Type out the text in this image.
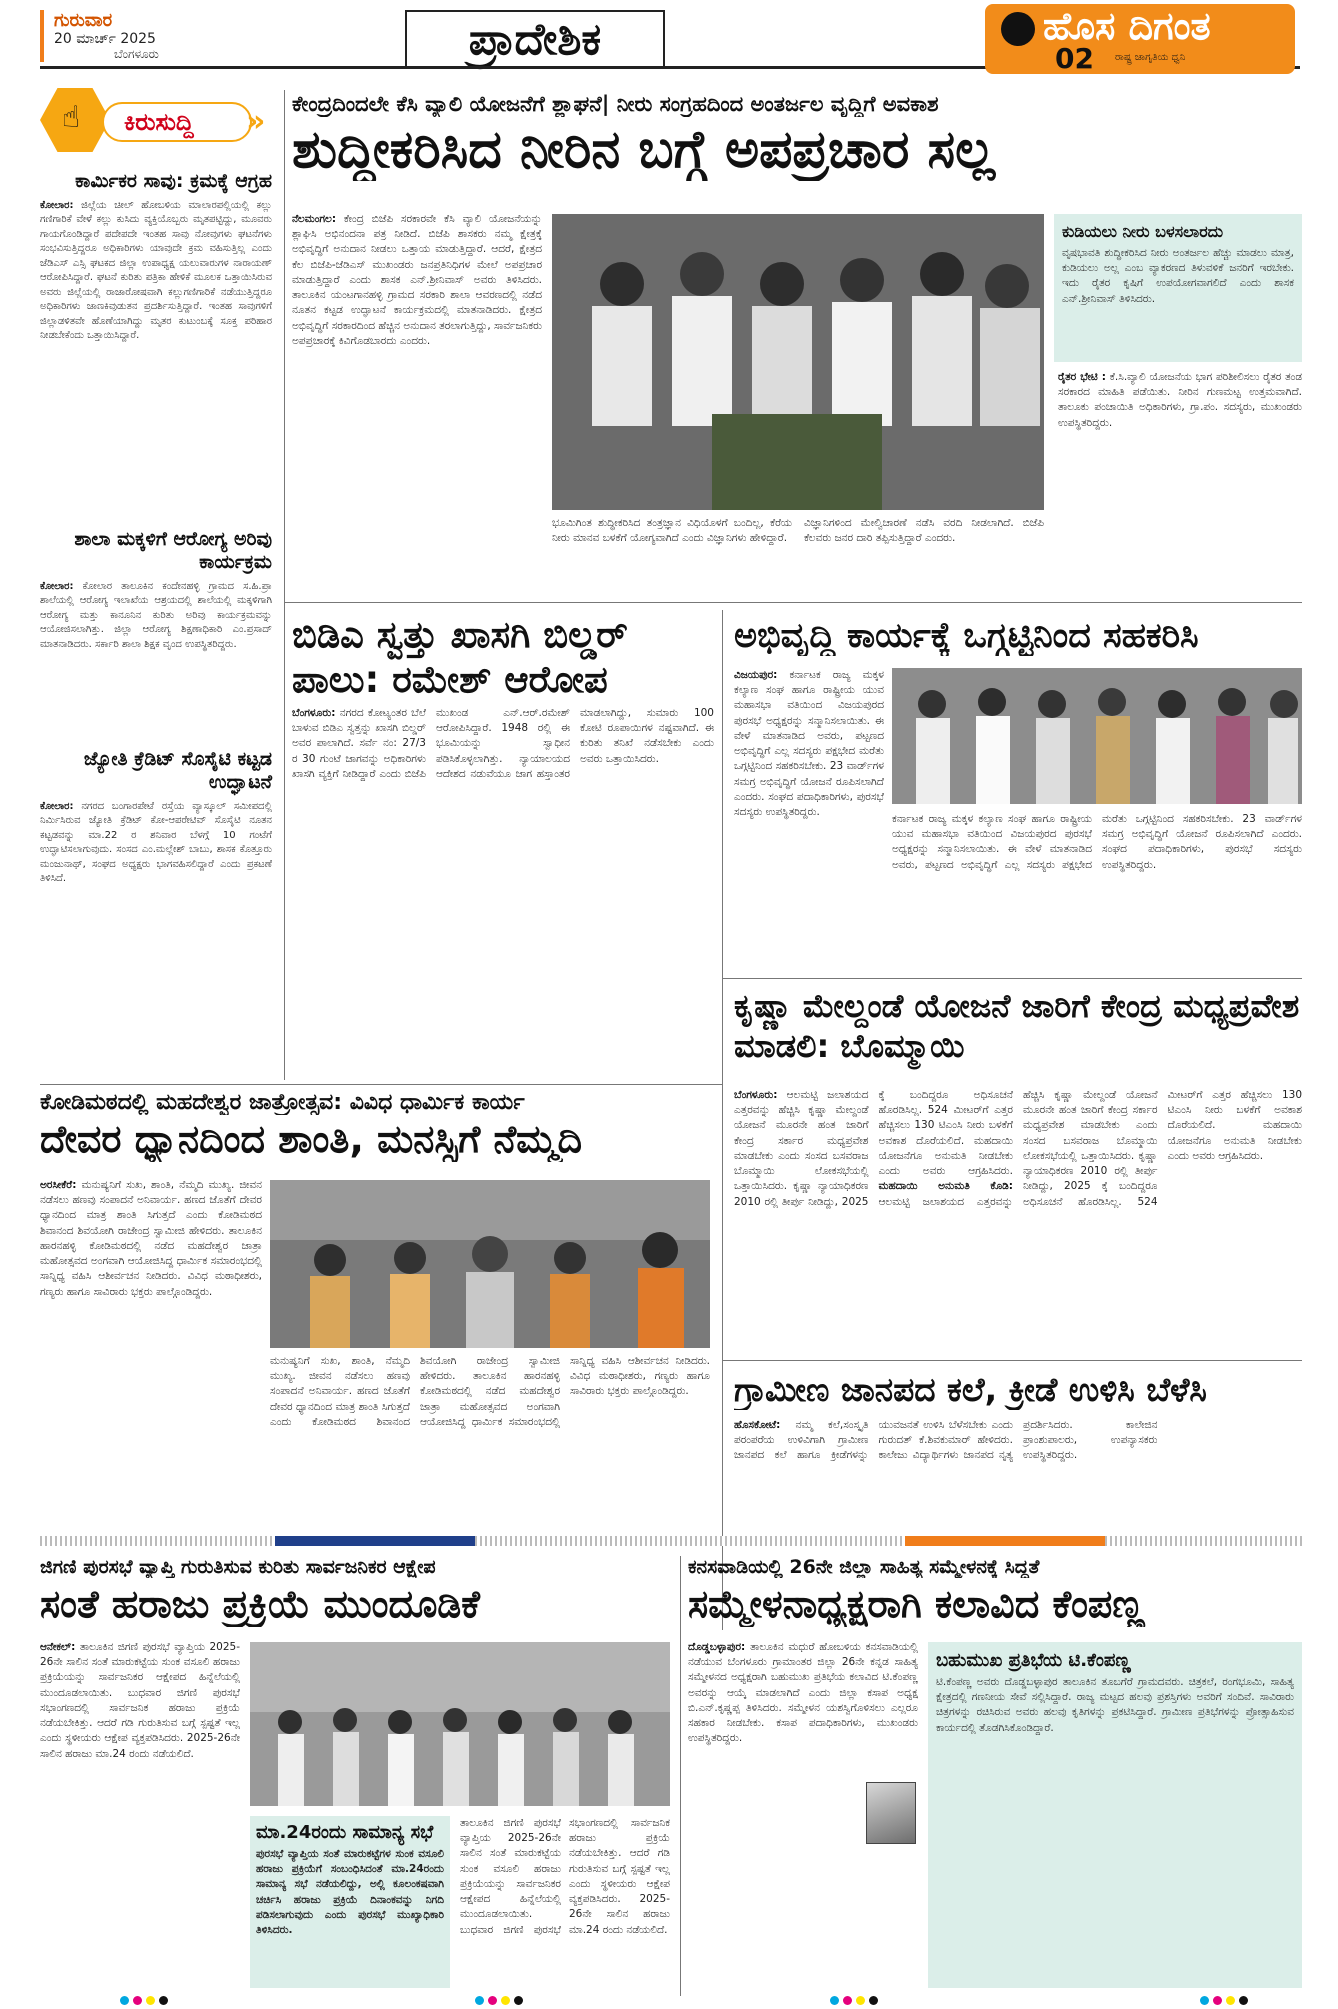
ಗುರುವಾರ
20 ಮಾರ್ಚ್ 2025
ಬೆಂಗಳೂರು	ಪ್ರಾದೇಶಿಕ	ಹೊಸ ದಿಗಂತ
ರಾಷ್ಟ್ರ ಜಾಗೃತಿಯ ಧ್ವನಿ
02
☝ ಕಿರುಸುದ್ದಿ »
ಕಾರ್ಮಿಕರ ಸಾವು: ಕ್ರಮಕ್ಕೆ ಆಗ್ರಹ
ಕೋಲಾರ: ಜಿಲ್ಲೆಯ ಚೀಲ್ ಹೋಬಳಿಯ ಮಾಲಾರಪಲ್ಲಿಯಲ್ಲಿ ಕಲ್ಲು ಗಣಿಗಾರಿಕೆ ವೇಳೆ ಕಲ್ಲು ಕುಸಿದು ವ್ಯಕ್ತಿಯೊಬ್ಬರು ಮೃತಪಟ್ಟಿದ್ದು, ಮೂವರು ಗಾಯಗೊಂಡಿದ್ದಾರೆ ಪದೇಪದೇ ಇಂತಹ ಸಾವು ನೋವುಗಳು ಘಟನೆಗಳು ಸಂಭವಿಸುತ್ತಿದ್ದರೂ ಅಧಿಕಾರಿಗಳು ಯಾವುದೇ ಕ್ರಮ ವಹಿಸುತ್ತಿಲ್ಲ ಎಂದು ಜೆಡಿಎಸ್ ಎಸ್ಸಿ ಘಟಕದ ಜಿಲ್ಲಾ ಉಪಾಧ್ಯಕ್ಷ ಯಲುವಾರುಗಳ ನಾರಾಯಣ್ ಆರೋಪಿಸಿದ್ದಾರೆ. ಘಟನೆ ಕುರಿತು ಪತ್ರಿಕಾ ಹೇಳಿಕೆ ಮೂಲಕ ಒತ್ತಾಯಿಸಿರುವ ಅವರು ಜಿಲ್ಲೆಯಲ್ಲಿ ರಾಜಾರೋಷವಾಗಿ ಕಲ್ಲುಗಣಿಗಾರಿಕೆ ನಡೆಯುತ್ತಿದ್ದರೂ ಅಧಿಕಾರಿಗಳು ಜಾಣಕಿವುಡುತನ ಪ್ರದರ್ಶಿಸುತ್ತಿದ್ದಾರೆ. ಇಂತಹ ಸಾವುಗಳಿಗೆ ಜಿಲ್ಲಾಡಳಿತವೇ ಹೊಣೆಯಾಗಿದ್ದು ಮೃತರ ಕುಟುಂಬಕ್ಕೆ ಸೂಕ್ತ ಪರಿಹಾರ ನೀಡಬೇಕೆಂದು ಒತ್ತಾಯಿಸಿದ್ದಾರೆ.
ಶಾಲಾ ಮಕ್ಕಳಿಗೆ ಆರೋಗ್ಯ ಅರಿವು ಕಾರ್ಯಕ್ರಮ
ಕೋಲಾರ: ಕೋಲಾರ ತಾಲೂಕಿನ ಕಂದೇನಹಳ್ಳಿ ಗ್ರಾಮದ ಸ.ಹಿ.ಪ್ರಾ ಶಾಲೆಯಲ್ಲಿ ಆರೋಗ್ಯ ಇಲಾಖೆಯ ಆಶ್ರಯದಲ್ಲಿ ಶಾಲೆಯಲ್ಲಿ ಮಕ್ಕಳಿಗಾಗಿ ಆರೋಗ್ಯ ಮತ್ತು ಕಾನೂನಿನ ಕುರಿತು ಅರಿವು ಕಾರ್ಯಕ್ರಮವನ್ನು ಆಯೋಜಿಸಲಾಗಿತ್ತು. ಜಿಲ್ಲಾ ಆರೋಗ್ಯ ಶಿಕ್ಷಣಾಧಿಕಾರಿ ಎಂ.ಪ್ರಸಾದ್ ಮಾತನಾಡಿದರು. ಸರ್ಕಾರಿ ಶಾಲಾ ಶಿಕ್ಷಕ ವೃಂದ ಉಪಸ್ಥಿತರಿದ್ದರು.
ಜ್ಯೋತಿ ಕ್ರೆಡಿಟ್ ಸೊಸೈಟಿ ಕಟ್ಟಡ ಉದ್ಘಾಟನೆ
ಕೋಲಾರ: ನಗರದ ಬಂಗಾರಪೇಟೆ ರಸ್ತೆಯ ವ್ಯಾಸ್ಕೂಲ್‌ ಸಮೀಪದಲ್ಲಿ ನಿರ್ಮಿಸಿರುವ ಜ್ಯೋತಿ ಕ್ರೆಡಿಟ್ ಕೋ-ಆಪರೇಟಿವ್ ಸೊಸೈಟಿ ನೂತನ ಕಟ್ಟಡವನ್ನು ಮಾ.22 ರ ಶನಿವಾರ ಬೆಳಗ್ಗೆ 10 ಗಂಟೆಗೆ ಉದ್ಘಾಟಿಸಲಾಗುವುದು. ಸಂಸದ ಎಂ.ಮಲ್ಲೇಶ್ ಬಾಬು, ಶಾಸಕ ಕೊತ್ತೂರು ಮಂಜುನಾಥ್, ಸಂಘದ ಅಧ್ಯಕ್ಷರು ಭಾಗವಹಿಸಲಿದ್ದಾರೆ ಎಂದು ಪ್ರಕಟಣೆ ತಿಳಿಸಿದೆ.
ಕೇಂದ್ರದಿಂದಲೇ ಕೆಸಿ ವ್ಯಾಲಿ ಯೋಜನೆಗೆ ಶ್ಲಾಘನೆ| ನೀರು ಸಂಗ್ರಹದಿಂದ ಅಂತರ್ಜಲ ವೃದ್ಧಿಗೆ ಅವಕಾಶ
ಶುದ್ಧೀಕರಿಸಿದ ನೀರಿನ ಬಗ್ಗೆ ಅಪಪ್ರಚಾರ ಸಲ್ಲ
ನೆಲಮಂಗಲ: ಕೇಂದ್ರ ಬಿಜೆಪಿ ಸರಕಾರವೇ ಕೆಸಿ ವ್ಯಾಲಿ ಯೋಜನೆಯನ್ನು ಶ್ಲಾಘಿಸಿ ಅಭಿನಂದನಾ ಪತ್ರ ನೀಡಿದೆ. ಬಿಜೆಪಿ ಶಾಸಕರು ನಮ್ಮ ಕ್ಷೇತ್ರಕ್ಕೆ ಅಭಿವೃದ್ಧಿಗೆ ಅನುದಾನ ನೀಡಲು ಒತ್ತಾಯ ಮಾಡುತ್ತಿದ್ದಾರೆ. ಆದರೆ, ಕ್ಷೇತ್ರದ ಕೆಲ ಬಿಜೆಪಿ-ಜೆಡಿಎಸ್ ಮುಖಂಡರು ಜನಪ್ರತಿನಿಧಿಗಳ ಮೇಲೆ ಅಪಪ್ರಚಾರ ಮಾಡುತ್ತಿದ್ದಾರೆ ಎಂದು ಶಾಸಕ ಎನ್.ಶ್ರೀನಿವಾಸ್ ಅವರು ತಿಳಿಸಿದರು. ತಾಲೂಕಿನ ಯಂಟಗಾನಹಳ್ಳಿ ಗ್ರಾಮದ ಸರಕಾರಿ ಶಾಲಾ ಆವರಣದಲ್ಲಿ ನಡೆದ ನೂತನ ಕಟ್ಟಡ ಉದ್ಘಾಟನೆ ಕಾರ್ಯಕ್ರಮದಲ್ಲಿ ಮಾತನಾಡಿದರು. ಕ್ಷೇತ್ರದ ಅಭಿವೃದ್ಧಿಗೆ ಸರಕಾರದಿಂದ ಹೆಚ್ಚಿನ ಅನುದಾನ ತರಲಾಗುತ್ತಿದ್ದು, ಸಾರ್ವಜನಿಕರು ಅಪಪ್ರಚಾರಕ್ಕೆ ಕಿವಿಗೊಡಬಾರದು ಎಂದರು.
ಭೂಮಿಗಿಂತ ಶುದ್ಧೀಕರಿಸಿದ ತಂತ್ರಜ್ಞಾನ ವಿಧಿಯೊಳಗೆ ಬಂದಿಲ್ಲ, ಕೆರೆಯ ನೀರು ಮಾನವ ಬಳಕೆಗೆ ಯೋಗ್ಯವಾಗಿದೆ ಎಂದು ವಿಜ್ಞಾನಿಗಳು ಹೇಳಿದ್ದಾರೆ.
ವಿಜ್ಞಾನಿಗಳಿಂದ ಮೇಲ್ವಿಚಾರಣೆ ನಡೆಸಿ ವರದಿ ನೀಡಲಾಗಿದೆ. ಬಿಜೆಪಿ ಕೆಲವರು ಜನರ ದಾರಿ ತಪ್ಪಿಸುತ್ತಿದ್ದಾರೆ ಎಂದರು.
ಕುಡಿಯಲು ನೀರು ಬಳಸಲಾರದು
ವೃಷಭಾವತಿ ಶುದ್ಧೀಕರಿಸಿದ ನೀರು ಅಂತರ್ಜಲ ಹೆಚ್ಚು ಮಾಡಲು ಮಾತ್ರ, ಕುಡಿಯಲು ಅಲ್ಲ ಎಂಬ ವ್ಯಾಕರಣದ ತಿಳುವಳಿಕೆ ಜನರಿಗೆ ಇರಬೇಕು. ಇದು ರೈತರ ಕೃಷಿಗೆ ಉಪಯೋಗವಾಗಲಿದೆ ಎಂದು ಶಾಸಕ ಎನ್.ಶ್ರೀನಿವಾಸ್ ತಿಳಿಸಿದರು.
ರೈತರ ಭೇಟಿ : ಕೆ.ಸಿ.ವ್ಯಾಲಿ ಯೋಜನೆಯ ಭಾಗ ಪರಿಶೀಲಿಸಲು ರೈತರ ತಂಡ ಸರಕಾರದ ಮಾಹಿತಿ ಪಡೆಯಿತು. ನೀರಿನ ಗುಣಮಟ್ಟ ಉತ್ತಮವಾಗಿದೆ. ತಾಲೂಕು ಪಂಚಾಯಿತಿ ಅಧಿಕಾರಿಗಳು, ಗ್ರಾ.ಪಂ. ಸದಸ್ಯರು, ಮುಖಂಡರು ಉಪಸ್ಥಿತರಿದ್ದರು.
ಬಿಡಿಎ ಸ್ವತ್ತು ಖಾಸಗಿ ಬಿಲ್ಡರ್ ಪಾಲು: ರಮೇಶ್ ಆರೋಪ
ಬೆಂಗಳೂರು: ನಗರದ ಕೋಟ್ಯಂತರ ಬೆಲೆ ಬಾಳುವ ಬಿಡಿಎ ಸ್ವತ್ತನ್ನು ಖಾಸಗಿ ಬಿಲ್ಡರ್ ಅವರ ಪಾಲಾಗಿದೆ. ಸರ್ವೆ ನಂ: 27/3 ರ 30 ಗುಂಟೆ ಜಾಗವನ್ನು ಅಧಿಕಾರಿಗಳು ಖಾಸಗಿ ವ್ಯಕ್ತಿಗೆ ನೀಡಿದ್ದಾರೆ ಎಂದು ಬಿಜೆಪಿ ಮುಖಂಡ ಎನ್.ಆರ್.ರಮೇಶ್ ಆರೋಪಿಸಿದ್ದಾರೆ. 1948 ರಲ್ಲಿ ಈ ಭೂಮಿಯನ್ನು ಸ್ವಾಧೀನ ಪಡಿಸಿಕೊಳ್ಳಲಾಗಿತ್ತು. ನ್ಯಾಯಾಲಯದ ಆದೇಶದ ನಡುವೆಯೂ ಜಾಗ ಹಸ್ತಾಂತರ ಮಾಡಲಾಗಿದ್ದು, ಸುಮಾರು 100 ಕೋಟಿ ರೂಪಾಯಿಗಳ ನಷ್ಟವಾಗಿದೆ. ಈ ಕುರಿತು ತನಿಖೆ ನಡೆಸಬೇಕು ಎಂದು ಅವರು ಒತ್ತಾಯಿಸಿದರು.
ಅಭಿವೃದ್ಧಿ ಕಾರ್ಯಕ್ಕೆ ಒಗ್ಗಟ್ಟಿನಿಂದ ಸಹಕರಿಸಿ
ವಿಜಯಪುರ: ಕರ್ನಾಟಕ ರಾಜ್ಯ ಮಕ್ಕಳ ಕಲ್ಯಾಣ ಸಂಘ ಹಾಗೂ ರಾಷ್ಟ್ರೀಯ ಯುವ ಮಹಾಸಭಾ ವತಿಯಿಂದ ವಿಜಯಪುರದ ಪುರಸಭೆ ಅಧ್ಯಕ್ಷರನ್ನು ಸನ್ಮಾನಿಸಲಾಯಿತು. ಈ ವೇಳೆ ಮಾತನಾಡಿದ ಅವರು, ಪಟ್ಟಣದ ಅಭಿವೃದ್ಧಿಗೆ ಎಲ್ಲ ಸದಸ್ಯರು ಪಕ್ಷಭೇದ ಮರೆತು ಒಗ್ಗಟ್ಟಿನಿಂದ ಸಹಕರಿಸಬೇಕು. 23 ವಾರ್ಡ್‌ಗಳ ಸಮಗ್ರ ಅಭಿವೃದ್ಧಿಗೆ ಯೋಜನೆ ರೂಪಿಸಲಾಗಿದೆ ಎಂದರು. ಸಂಘದ ಪದಾಧಿಕಾರಿಗಳು, ಪುರಸಭೆ ಸದಸ್ಯರು ಉಪಸ್ಥಿತರಿದ್ದರು.
ಕರ್ನಾಟಕ ರಾಜ್ಯ ಮಕ್ಕಳ ಕಲ್ಯಾಣ ಸಂಘ ಹಾಗೂ ರಾಷ್ಟ್ರೀಯ ಯುವ ಮಹಾಸಭಾ ವತಿಯಿಂದ ವಿಜಯಪುರದ ಪುರಸಭೆ ಅಧ್ಯಕ್ಷರನ್ನು ಸನ್ಮಾನಿಸಲಾಯಿತು. ಈ ವೇಳೆ ಮಾತನಾಡಿದ ಅವರು, ಪಟ್ಟಣದ ಅಭಿವೃದ್ಧಿಗೆ ಎಲ್ಲ ಸದಸ್ಯರು ಪಕ್ಷಭೇದ ಮರೆತು ಒಗ್ಗಟ್ಟಿನಿಂದ ಸಹಕರಿಸಬೇಕು. 23 ವಾರ್ಡ್‌ಗಳ ಸಮಗ್ರ ಅಭಿವೃದ್ಧಿಗೆ ಯೋಜನೆ ರೂಪಿಸಲಾಗಿದೆ ಎಂದರು. ಸಂಘದ ಪದಾಧಿಕಾರಿಗಳು, ಪುರಸಭೆ ಸದಸ್ಯರು ಉಪಸ್ಥಿತರಿದ್ದರು.
ಕೃಷ್ಣಾ ಮೇಲ್ದಂಡೆ ಯೋಜನೆ ಜಾರಿಗೆ ಕೇಂದ್ರ ಮಧ್ಯಪ್ರವೇಶ ಮಾಡಲಿ: ಬೊಮ್ಮಾಯಿ
ಬೆಂಗಳೂರು: ಆಲಮಟ್ಟಿ ಜಲಾಶಯದ ಎತ್ತರವನ್ನು ಹೆಚ್ಚಿಸಿ ಕೃಷ್ಣಾ ಮೇಲ್ದಂಡೆ ಯೋಜನೆ ಮೂರನೇ ಹಂತ ಜಾರಿಗೆ ಕೇಂದ್ರ ಸರ್ಕಾರ ಮಧ್ಯಪ್ರವೇಶ ಮಾಡಬೇಕು ಎಂದು ಸಂಸದ ಬಸವರಾಜ ಬೊಮ್ಮಾಯಿ ಲೋಕಸಭೆಯಲ್ಲಿ ಒತ್ತಾಯಿಸಿದರು. ಕೃಷ್ಣಾ ನ್ಯಾಯಾಧಿಕರಣ 2010 ರಲ್ಲಿ ತೀರ್ಪು ನೀಡಿದ್ದು, 2025 ಕ್ಕೆ ಬಂದಿದ್ದರೂ ಅಧಿಸೂಚನೆ ಹೊರಡಿಸಿಲ್ಲ. 524 ಮೀಟರ್‌ಗೆ ಎತ್ತರ ಹೆಚ್ಚಿಸಲು 130 ಟಿಎಂಸಿ ನೀರು ಬಳಕೆಗೆ ಅವಕಾಶ ದೊರೆಯಲಿದೆ. ಮಹದಾಯಿ ಯೋಜನೆಗೂ ಅನುಮತಿ ನೀಡಬೇಕು ಎಂದು ಅವರು ಆಗ್ರಹಿಸಿದರು. ಮಹದಾಯಿ ಅನುಮತಿ ಕೊಡಿ: ಆಲಮಟ್ಟಿ ಜಲಾಶಯದ ಎತ್ತರವನ್ನು ಹೆಚ್ಚಿಸಿ ಕೃಷ್ಣಾ ಮೇಲ್ದಂಡೆ ಯೋಜನೆ ಮೂರನೇ ಹಂತ ಜಾರಿಗೆ ಕೇಂದ್ರ ಸರ್ಕಾರ ಮಧ್ಯಪ್ರವೇಶ ಮಾಡಬೇಕು ಎಂದು ಸಂಸದ ಬಸವರಾಜ ಬೊಮ್ಮಾಯಿ ಲೋಕಸಭೆಯಲ್ಲಿ ಒತ್ತಾಯಿಸಿದರು. ಕೃಷ್ಣಾ ನ್ಯಾಯಾಧಿಕರಣ 2010 ರಲ್ಲಿ ತೀರ್ಪು ನೀಡಿದ್ದು, 2025 ಕ್ಕೆ ಬಂದಿದ್ದರೂ ಅಧಿಸೂಚನೆ ಹೊರಡಿಸಿಲ್ಲ. 524 ಮೀಟರ್‌ಗೆ ಎತ್ತರ ಹೆಚ್ಚಿಸಲು 130 ಟಿಎಂಸಿ ನೀರು ಬಳಕೆಗೆ ಅವಕಾಶ ದೊರೆಯಲಿದೆ. ಮಹದಾಯಿ ಯೋಜನೆಗೂ ಅನುಮತಿ ನೀಡಬೇಕು ಎಂದು ಅವರು ಆಗ್ರಹಿಸಿದರು.
ಕೋಡಿಮಠದಲ್ಲಿ ಮಹದೇಶ್ವರ ಜಾತ್ರೋತ್ಸವ: ವಿವಿಧ ಧಾರ್ಮಿಕ ಕಾರ್ಯ
ದೇವರ ಧ್ಯಾನದಿಂದ ಶಾಂತಿ, ಮನಸ್ಸಿಗೆ ನೆಮ್ಮದಿ
ಅರಸೀಕೆರೆ: ಮನುಷ್ಯನಿಗೆ ಸುಖ, ಶಾಂತಿ, ನೆಮ್ಮದಿ ಮುಖ್ಯ. ಜೀವನ ನಡೆಸಲು ಹಣವು ಸಂಪಾದನೆ ಅನಿವಾರ್ಯ. ಹಣದ ಜೊತೆಗೆ ದೇವರ ಧ್ಯಾನದಿಂದ ಮಾತ್ರ ಶಾಂತಿ ಸಿಗುತ್ತದೆ ಎಂದು ಕೋಡಿಮಠದ ಶಿವಾನಂದ ಶಿವಯೋಗಿ ರಾಜೇಂದ್ರ ಸ್ವಾಮೀಜಿ ಹೇಳಿದರು. ತಾಲೂಕಿನ ಹಾರನಹಳ್ಳಿ ಕೋಡಿಮಠದಲ್ಲಿ ನಡೆದ ಮಹದೇಶ್ವರ ಜಾತ್ರಾ ಮಹೋತ್ಸವದ ಅಂಗವಾಗಿ ಆಯೋಜಿಸಿದ್ದ ಧಾರ್ಮಿಕ ಸಮಾರಂಭದಲ್ಲಿ ಸಾನ್ನಿಧ್ಯ ವಹಿಸಿ ಆಶೀರ್ವಚನ ನೀಡಿದರು. ವಿವಿಧ ಮಠಾಧೀಶರು, ಗಣ್ಯರು ಹಾಗೂ ಸಾವಿರಾರು ಭಕ್ತರು ಪಾಲ್ಗೊಂಡಿದ್ದರು.
ಮನುಷ್ಯನಿಗೆ ಸುಖ, ಶಾಂತಿ, ನೆಮ್ಮದಿ ಮುಖ್ಯ. ಜೀವನ ನಡೆಸಲು ಹಣವು ಸಂಪಾದನೆ ಅನಿವಾರ್ಯ. ಹಣದ ಜೊತೆಗೆ ದೇವರ ಧ್ಯಾನದಿಂದ ಮಾತ್ರ ಶಾಂತಿ ಸಿಗುತ್ತದೆ ಎಂದು ಕೋಡಿಮಠದ ಶಿವಾನಂದ ಶಿವಯೋಗಿ ರಾಜೇಂದ್ರ ಸ್ವಾಮೀಜಿ ಹೇಳಿದರು. ತಾಲೂಕಿನ ಹಾರನಹಳ್ಳಿ ಕೋಡಿಮಠದಲ್ಲಿ ನಡೆದ ಮಹದೇಶ್ವರ ಜಾತ್ರಾ ಮಹೋತ್ಸವದ ಅಂಗವಾಗಿ ಆಯೋಜಿಸಿದ್ದ ಧಾರ್ಮಿಕ ಸಮಾರಂಭದಲ್ಲಿ ಸಾನ್ನಿಧ್ಯ ವಹಿಸಿ ಆಶೀರ್ವಚನ ನೀಡಿದರು. ವಿವಿಧ ಮಠಾಧೀಶರು, ಗಣ್ಯರು ಹಾಗೂ ಸಾವಿರಾರು ಭಕ್ತರು ಪಾಲ್ಗೊಂಡಿದ್ದರು.	ಗ್ರಾಮೀಣ ಜಾನಪದ ಕಲೆ, ಕ್ರೀಡೆ ಉಳಿಸಿ ಬೆಳೆಸಿ
ಹೊಸಕೋಟೆ: ನಮ್ಮ ಕಲೆ,ಸಂಸ್ಕೃತಿ ಪರಂಪರೆಯ ಉಳಿವಿಗಾಗಿ ಗ್ರಾಮೀಣ ಜಾನಪದ ಕಲೆ ಹಾಗೂ ಕ್ರೀಡೆಗಳನ್ನು ಯುವಜನತೆ ಉಳಿಸಿ ಬೆಳೆಸಬೇಕು ಎಂದು ಗುರುದತ್ ಕೆ.ಶಿವಕುಮಾರ್ ಹೇಳಿದರು. ಕಾಲೇಜು ವಿದ್ಯಾರ್ಥಿಗಳು ಜಾನಪದ ನೃತ್ಯ ಪ್ರದರ್ಶಿಸಿದರು. ಕಾಲೇಜಿನ ಪ್ರಾಂಶುಪಾಲರು, ಉಪನ್ಯಾಸಕರು ಉಪಸ್ಥಿತರಿದ್ದರು.
ಜಿಗಣಿ ಪುರಸಭೆ ವ್ಯಾಪ್ತಿ ಗುರುತಿಸುವ ಕುರಿತು ಸಾರ್ವಜನಿಕರ ಆಕ್ಷೇಪ
ಸಂತೆ ಹರಾಜು ಪ್ರಕ್ರಿಯೆ ಮುಂದೂಡಿಕೆ
ಆನೇಕಲ್: ತಾಲೂಕಿನ ಜಿಗಣಿ ಪುರಸಭೆ ವ್ಯಾಪ್ತಿಯ 2025-26ನೇ ಸಾಲಿನ ಸಂತೆ ಮಾರುಕಟ್ಟೆಯ ಸುಂಕ ವಸೂಲಿ ಹರಾಜು ಪ್ರಕ್ರಿಯೆಯನ್ನು ಸಾರ್ವಜನಿಕರ ಆಕ್ಷೇಪದ ಹಿನ್ನೆಲೆಯಲ್ಲಿ ಮುಂದೂಡಲಾಯಿತು. ಬುಧವಾರ ಜಿಗಣಿ ಪುರಸಭೆ ಸಭಾಂಗಣದಲ್ಲಿ ಸಾರ್ವಜನಿಕ ಹರಾಜು ಪ್ರಕ್ರಿಯೆ ನಡೆಯಬೇಕಿತ್ತು. ಆದರೆ ಗಡಿ ಗುರುತಿಸುವ ಬಗ್ಗೆ ಸ್ಪಷ್ಟತೆ ಇಲ್ಲ ಎಂದು ಸ್ಥಳೀಯರು ಆಕ್ಷೇಪ ವ್ಯಕ್ತಪಡಿಸಿದರು. 2025-26ನೇ ಸಾಲಿನ ಹರಾಜು ಮಾ.24 ರಂದು ನಡೆಯಲಿದೆ.
ಮಾ.24ರಂದು ಸಾಮಾನ್ಯ ಸಭೆ
ಪುರಸಭೆ ವ್ಯಾಪ್ತಿಯ ಸಂತೆ ಮಾರುಕಟ್ಟೆಗಳ ಸುಂಕ ವಸೂಲಿ ಹರಾಜು ಪ್ರಕ್ರಿಯೆಗೆ ಸಂಬಂಧಿಸಿದಂತೆ ಮಾ.24ರಂದು ಸಾಮಾನ್ಯ ಸಭೆ ನಡೆಯಲಿದ್ದು, ಅಲ್ಲಿ ಕೂಲಂಕಷವಾಗಿ ಚರ್ಚಿಸಿ ಹರಾಜು ಪ್ರಕ್ರಿಯೆ ದಿನಾಂಕವನ್ನು ನಿಗದಿ ಪಡಿಸಲಾಗುವುದು ಎಂದು ಪುರಸಭೆ ಮುಖ್ಯಾಧಿಕಾರಿ ತಿಳಿಸಿದರು.
ತಾಲೂಕಿನ ಜಿಗಣಿ ಪುರಸಭೆ ವ್ಯಾಪ್ತಿಯ 2025-26ನೇ ಸಾಲಿನ ಸಂತೆ ಮಾರುಕಟ್ಟೆಯ ಸುಂಕ ವಸೂಲಿ ಹರಾಜು ಪ್ರಕ್ರಿಯೆಯನ್ನು ಸಾರ್ವಜನಿಕರ ಆಕ್ಷೇಪದ ಹಿನ್ನೆಲೆಯಲ್ಲಿ ಮುಂದೂಡಲಾಯಿತು. ಬುಧವಾರ ಜಿಗಣಿ ಪುರಸಭೆ ಸಭಾಂಗಣದಲ್ಲಿ ಸಾರ್ವಜನಿಕ ಹರಾಜು ಪ್ರಕ್ರಿಯೆ ನಡೆಯಬೇಕಿತ್ತು. ಆದರೆ ಗಡಿ ಗುರುತಿಸುವ ಬಗ್ಗೆ ಸ್ಪಷ್ಟತೆ ಇಲ್ಲ ಎಂದು ಸ್ಥಳೀಯರು ಆಕ್ಷೇಪ ವ್ಯಕ್ತಪಡಿಸಿದರು. 2025-26ನೇ ಸಾಲಿನ ಹರಾಜು ಮಾ.24 ರಂದು ನಡೆಯಲಿದೆ.
ಕನಸವಾಡಿಯಲ್ಲಿ 26ನೇ ಜಿಲ್ಲಾ ಸಾಹಿತ್ಯ ಸಮ್ಮೇಳನಕ್ಕೆ ಸಿದ್ಧತೆ
ಸಮ್ಮೇಳನಾಧ್ಯಕ್ಷರಾಗಿ ಕಲಾವಿದ ಕೆಂಪಣ್ಣ
ದೊಡ್ಡಬಳ್ಳಾಪುರ: ತಾಲೂಕಿನ ಮಧುರೆ ಹೋಬಳಿಯ ಕನಸವಾಡಿಯಲ್ಲಿ ನಡೆಯುವ ಬೆಂಗಳೂರು ಗ್ರಾಮಾಂತರ ಜಿಲ್ಲಾ 26ನೇ ಕನ್ನಡ ಸಾಹಿತ್ಯ ಸಮ್ಮೇಳನದ ಅಧ್ಯಕ್ಷರಾಗಿ ಬಹುಮುಖ ಪ್ರತಿಭೆಯ ಕಲಾವಿದ ಟಿ.ಕೆಂಪಣ್ಣ ಅವರನ್ನು ಆಯ್ಕೆ ಮಾಡಲಾಗಿದೆ ಎಂದು ಜಿಲ್ಲಾ ಕಸಾಪ ಅಧ್ಯಕ್ಷ ಬಿ.ಎನ್.ಕೃಷ್ಣಪ್ಪ ತಿಳಿಸಿದರು. ಸಮ್ಮೇಳನ ಯಶಸ್ವಿಗೊಳಿಸಲು ಎಲ್ಲರೂ ಸಹಕಾರ ನೀಡಬೇಕು. ಕಸಾಪ ಪದಾಧಿಕಾರಿಗಳು, ಮುಖಂಡರು ಉಪಸ್ಥಿತರಿದ್ದರು.
ಬಹುಮುಖ ಪ್ರತಿಭೆಯ ಟಿ.ಕೆಂಪಣ್ಣ
ಟಿ.ಕೆಂಪಣ್ಣ ಅವರು ದೊಡ್ಡಬಳ್ಳಾಪುರ ತಾಲೂಕಿನ ತೂಬಗೆರೆ ಗ್ರಾಮದವರು. ಚಿತ್ರಕಲೆ, ರಂಗಭೂಮಿ, ಸಾಹಿತ್ಯ ಕ್ಷೇತ್ರದಲ್ಲಿ ಗಣನೀಯ ಸೇವೆ ಸಲ್ಲಿಸಿದ್ದಾರೆ. ರಾಜ್ಯ ಮಟ್ಟದ ಹಲವು ಪ್ರಶಸ್ತಿಗಳು ಅವರಿಗೆ ಸಂದಿವೆ. ಸಾವಿರಾರು ಚಿತ್ರಗಳನ್ನು ರಚಿಸಿರುವ ಅವರು ಹಲವು ಕೃತಿಗಳನ್ನು ಪ್ರಕಟಿಸಿದ್ದಾರೆ. ಗ್ರಾಮೀಣ ಪ್ರತಿಭೆಗಳನ್ನು ಪ್ರೋತ್ಸಾಹಿಸುವ ಕಾರ್ಯದಲ್ಲಿ ತೊಡಗಿಸಿಕೊಂಡಿದ್ದಾರೆ.
